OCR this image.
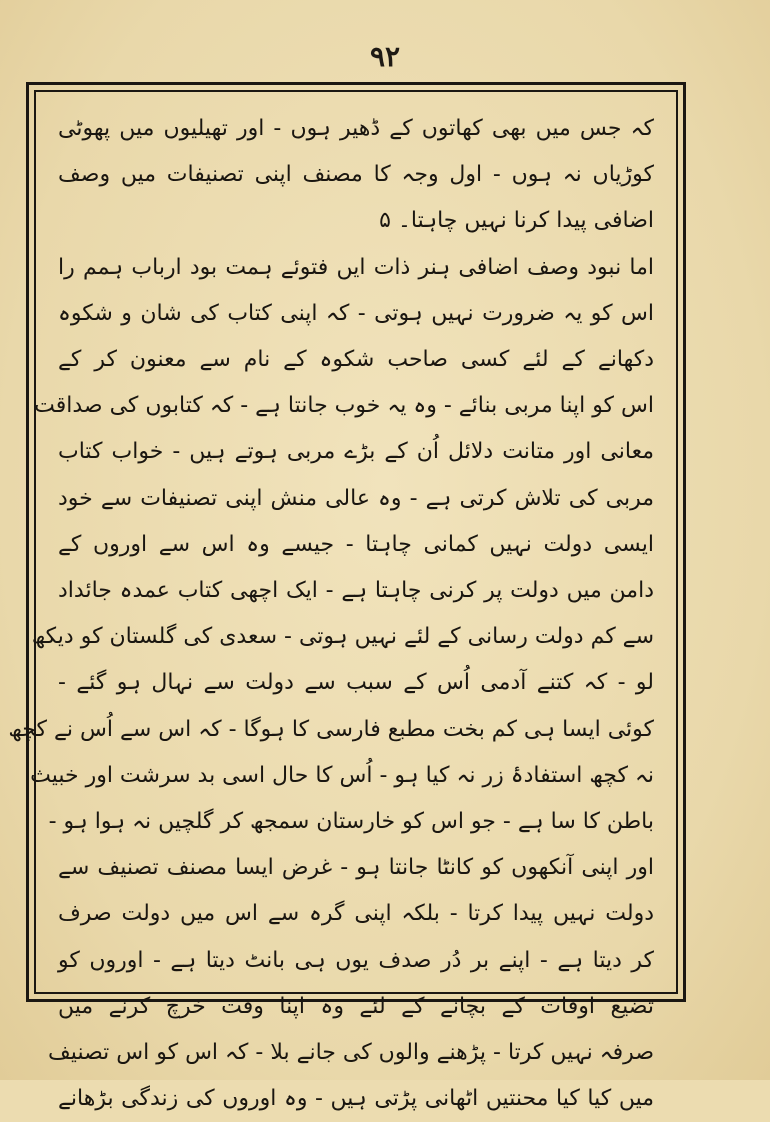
۹۲
کہ جس میں بھی کھاتوں کے ڈھیر ہوں - اور تھیلیوں میں پھوٹی
کوڑیاں نہ ہوں - اول وجہ کا مصنف اپنی تصنیفات میں وصف
اضافی پیدا کرنا نہیں چاہتا۔ ۵
اما نبود وصف اضافی ہنر ذات ایں فتوئے ہمت بود ارباب ہمم را
اس کو یہ ضرورت نہیں ہوتی - کہ اپنی کتاب کی شان و شکوہ
دکھانے کے لئے کسی صاحب شکوہ کے نام سے معنون کر کے
اس کو اپنا مربی بنائے - وہ یہ خوب جانتا ہے - کہ کتابوں کی صداقت
معانی اور متانت دلائل اُن کے بڑے مربی ہوتے ہیں - خواب کتاب
مربی کی تلاش کرتی ہے - وہ عالی منش اپنی تصنیفات سے خود
ایسی دولت نہیں کمانی چاہتا - جیسے وہ اس سے اوروں کے
دامن میں دولت پر کرنی چاہتا ہے - ایک اچھی کتاب عمدہ جائداد
سے کم دولت رسانی کے لئے نہیں ہوتی - سعدی کی گلستان کو دیکھ
لو - کہ کتنے آدمی اُس کے سبب سے دولت سے نہال ہو گئے -
کوئی ایسا ہی کم بخت مطبع فارسی کا ہوگا - کہ اس سے اُس نے کچھ
نہ کچھ استفادۂ زر نہ کیا ہو - اُس کا حال اسی بد سرشت اور خبیث
باطن کا سا ہے - جو اس کو خارستان سمجھ کر گلچیں نہ ہوا ہو -
اور اپنی آنکھوں کو کانٹا جانتا ہو - غرض ایسا مصنف تصنیف سے
دولت نہیں پیدا کرتا - بلکہ اپنی گرہ سے اس میں دولت صرف
کر دیتا ہے - اپنے بر دُر صدف یوں ہی بانٹ دیتا ہے - اوروں کو
تضیع اوقات کے بچانے کے لئے وہ اپنا وقت خرچ کرنے میں
صرفہ نہیں کرتا - پڑھنے والوں کی جانے بلا - کہ اس کو اس تصنیف
میں کیا کیا محنتیں اٹھانی پڑتی ہیں - وہ اوروں کی زندگی بڑھانے
